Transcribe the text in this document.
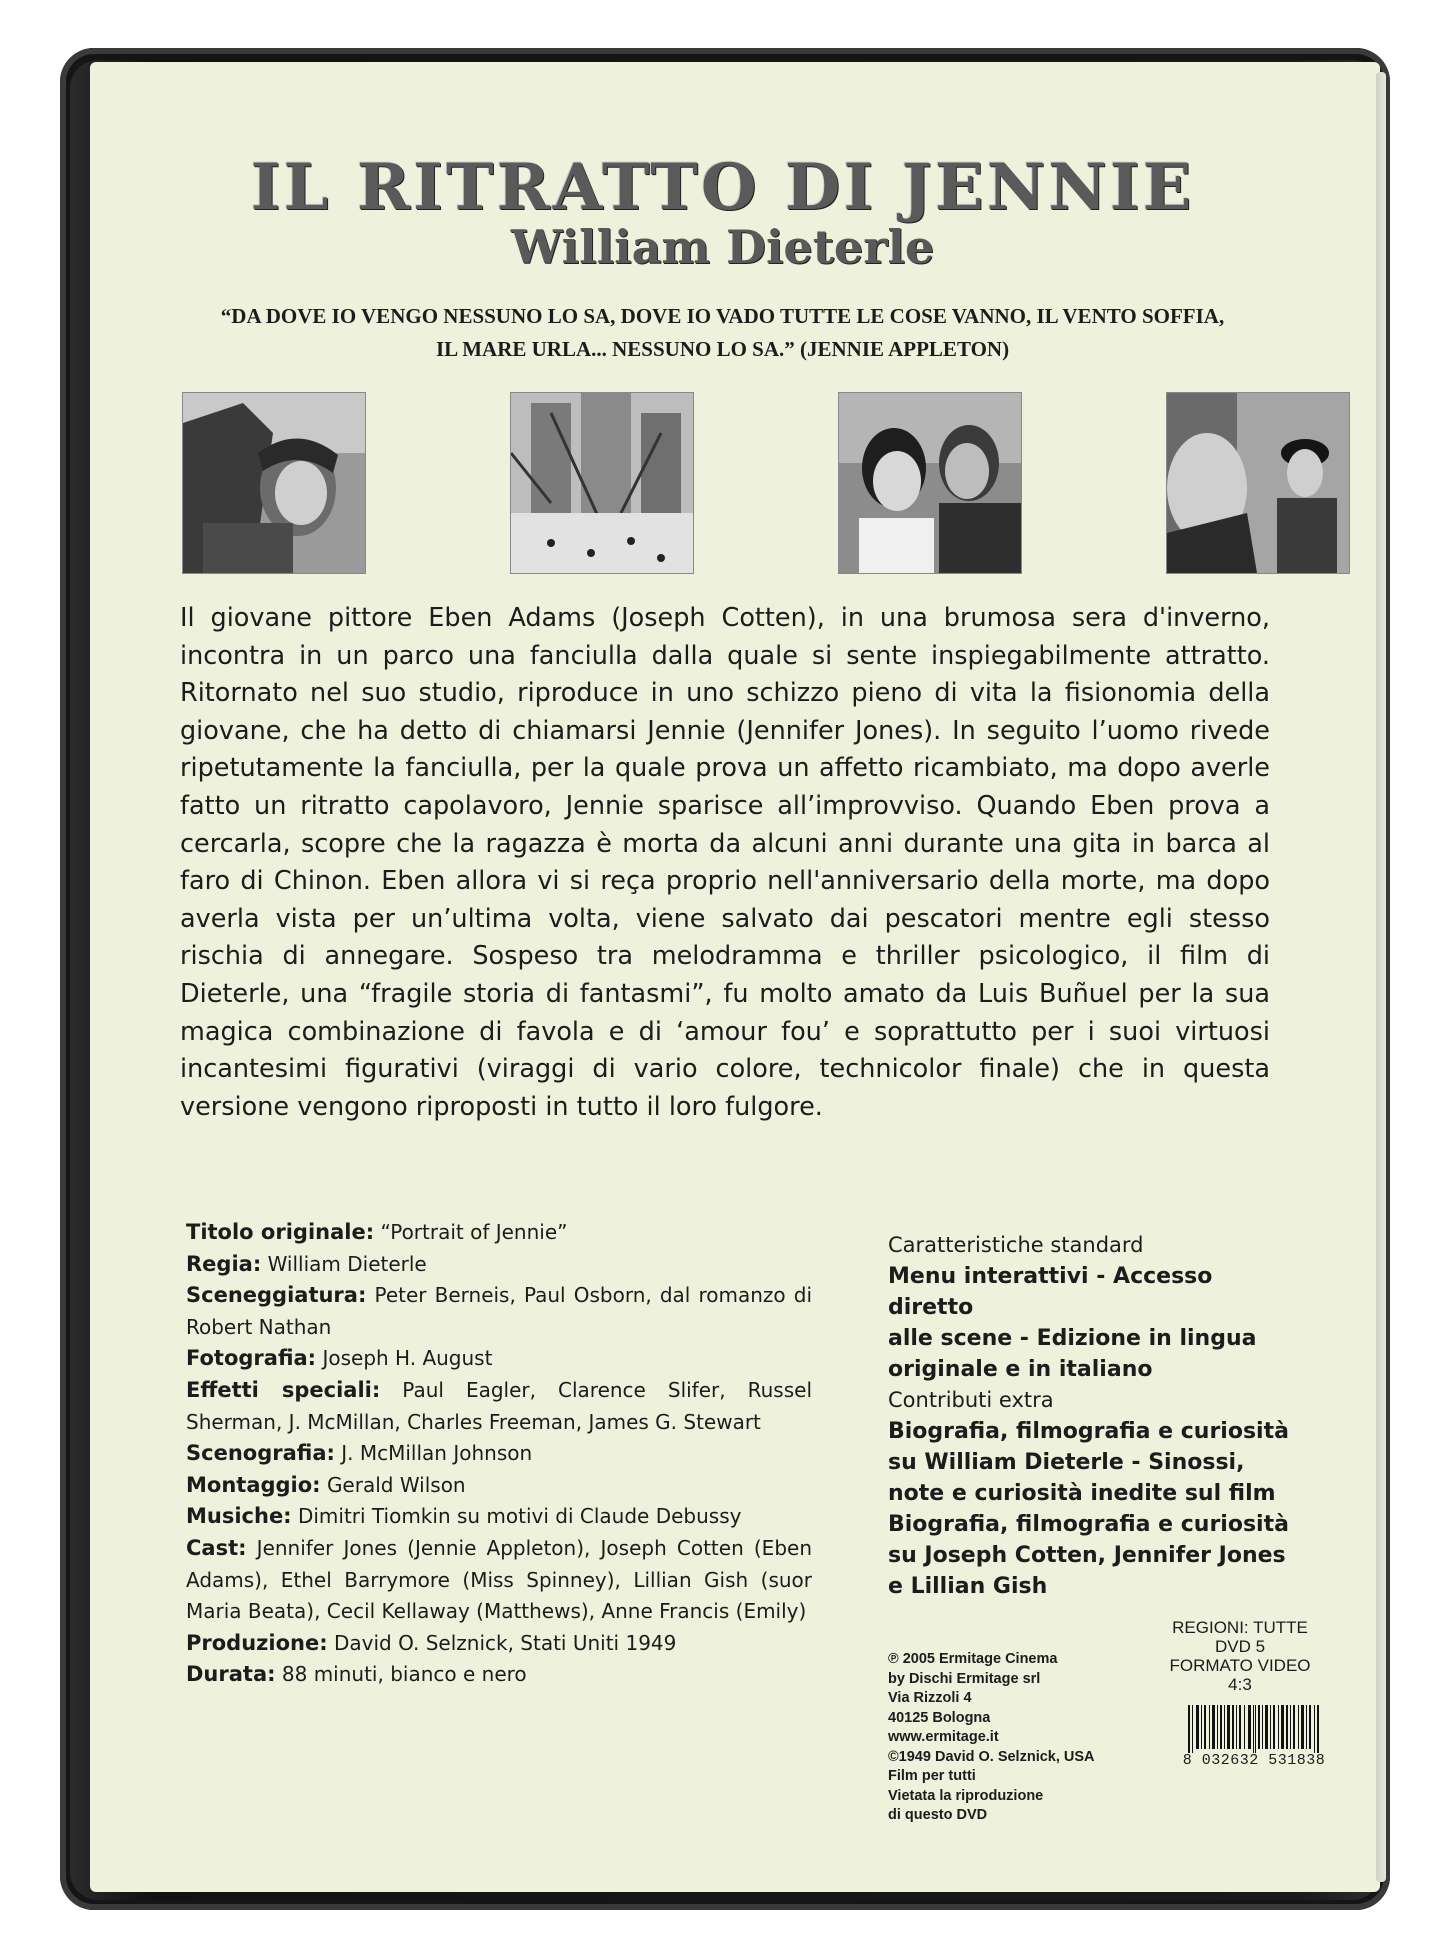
IL RITRATTO DI JENNIE
William Dieterle
“DA DOVE IO VENGO NESSUNO LO SA, DOVE IO VADO TUTTE LE COSE VANNO, IL VENTO SOFFIA,
IL MARE URLA... NESSUNO LO SA.” (JENNIE APPLETON)
Il giovane pittore Eben Adams (Joseph Cotten), in una brumosa sera d'inverno, incontra in un parco una fanciulla dalla quale si sente inspiegabilmente attratto. Ritornato nel suo studio, riproduce in uno schizzo pieno di vita la fisionomia della giovane, che ha detto di chiamarsi Jennie (Jennifer Jones). In seguito l’uomo rivede ripetutamente la fanciulla, per la quale prova un affetto ricambiato, ma dopo averle fatto un ritratto capolavoro, Jennie sparisce all’improvviso. Quando Eben prova a cercarla, scopre che la ragazza è morta da alcuni anni durante una gita in barca al faro di Chinon. Eben allora vi si reça proprio nell'anniversario della morte, ma dopo averla vista per un’ultima volta, viene salvato dai pescatori mentre egli stesso rischia di annegare. Sospeso tra melodramma e thriller psicologico, il film di Dieterle, una “fragile storia di fantasmi”, fu molto amato da Luis Buñuel per la sua magica combinazione di favola e di ‘amour fou’ e soprattutto per i suoi virtuosi incantesimi figurativi (viraggi di vario colore, technicolor finale) che in questa versione vengono riproposti in tutto il loro fulgore.
Titolo originale: “Portrait of Jennie”
Regia: William Dieterle
Sceneggiatura: Peter Berneis, Paul Osborn, dal romanzo di Robert Nathan
Fotografia: Joseph H. August
Effetti speciali: Paul Eagler, Clarence Slifer, Russel Sherman, J. McMillan, Charles Freeman, James G. Stewart
Scenografia: J. McMillan Johnson
Montaggio: Gerald Wilson
Musiche: Dimitri Tiomkin su motivi di Claude Debussy
Cast: Jennifer Jones (Jennie Appleton), Joseph Cotten (Eben Adams), Ethel Barrymore (Miss Spinney), Lillian Gish (suor Maria Beata), Cecil Kellaway (Matthews), Anne Francis (Emily)
Produzione: David O. Selznick, Stati Uniti 1949
Durata: 88 minuti, bianco e nero
Caratteristiche standard
Menu interattivi - Accesso diretto
alle scene - Edizione in lingua
originale e in italiano
Contributi extra
Biografia, filmografia e curiosità
su William Dieterle - Sinossi,
note e curiosità inedite sul film
Biografia, filmografia e curiosità
su Joseph Cotten, Jennifer Jones
e Lillian Gish
℗ 2005 Ermitage Cinema
by Dischi Ermitage srl
Via Rizzoli 4
40125 Bologna
www.ermitage.it
©1949 David O. Selznick, USA
Film per tutti
Vietata la riproduzione
di questo DVD
REGIONI: TUTTE
DVD 5
FORMATO VIDEO
4:3
8 032632 531838
